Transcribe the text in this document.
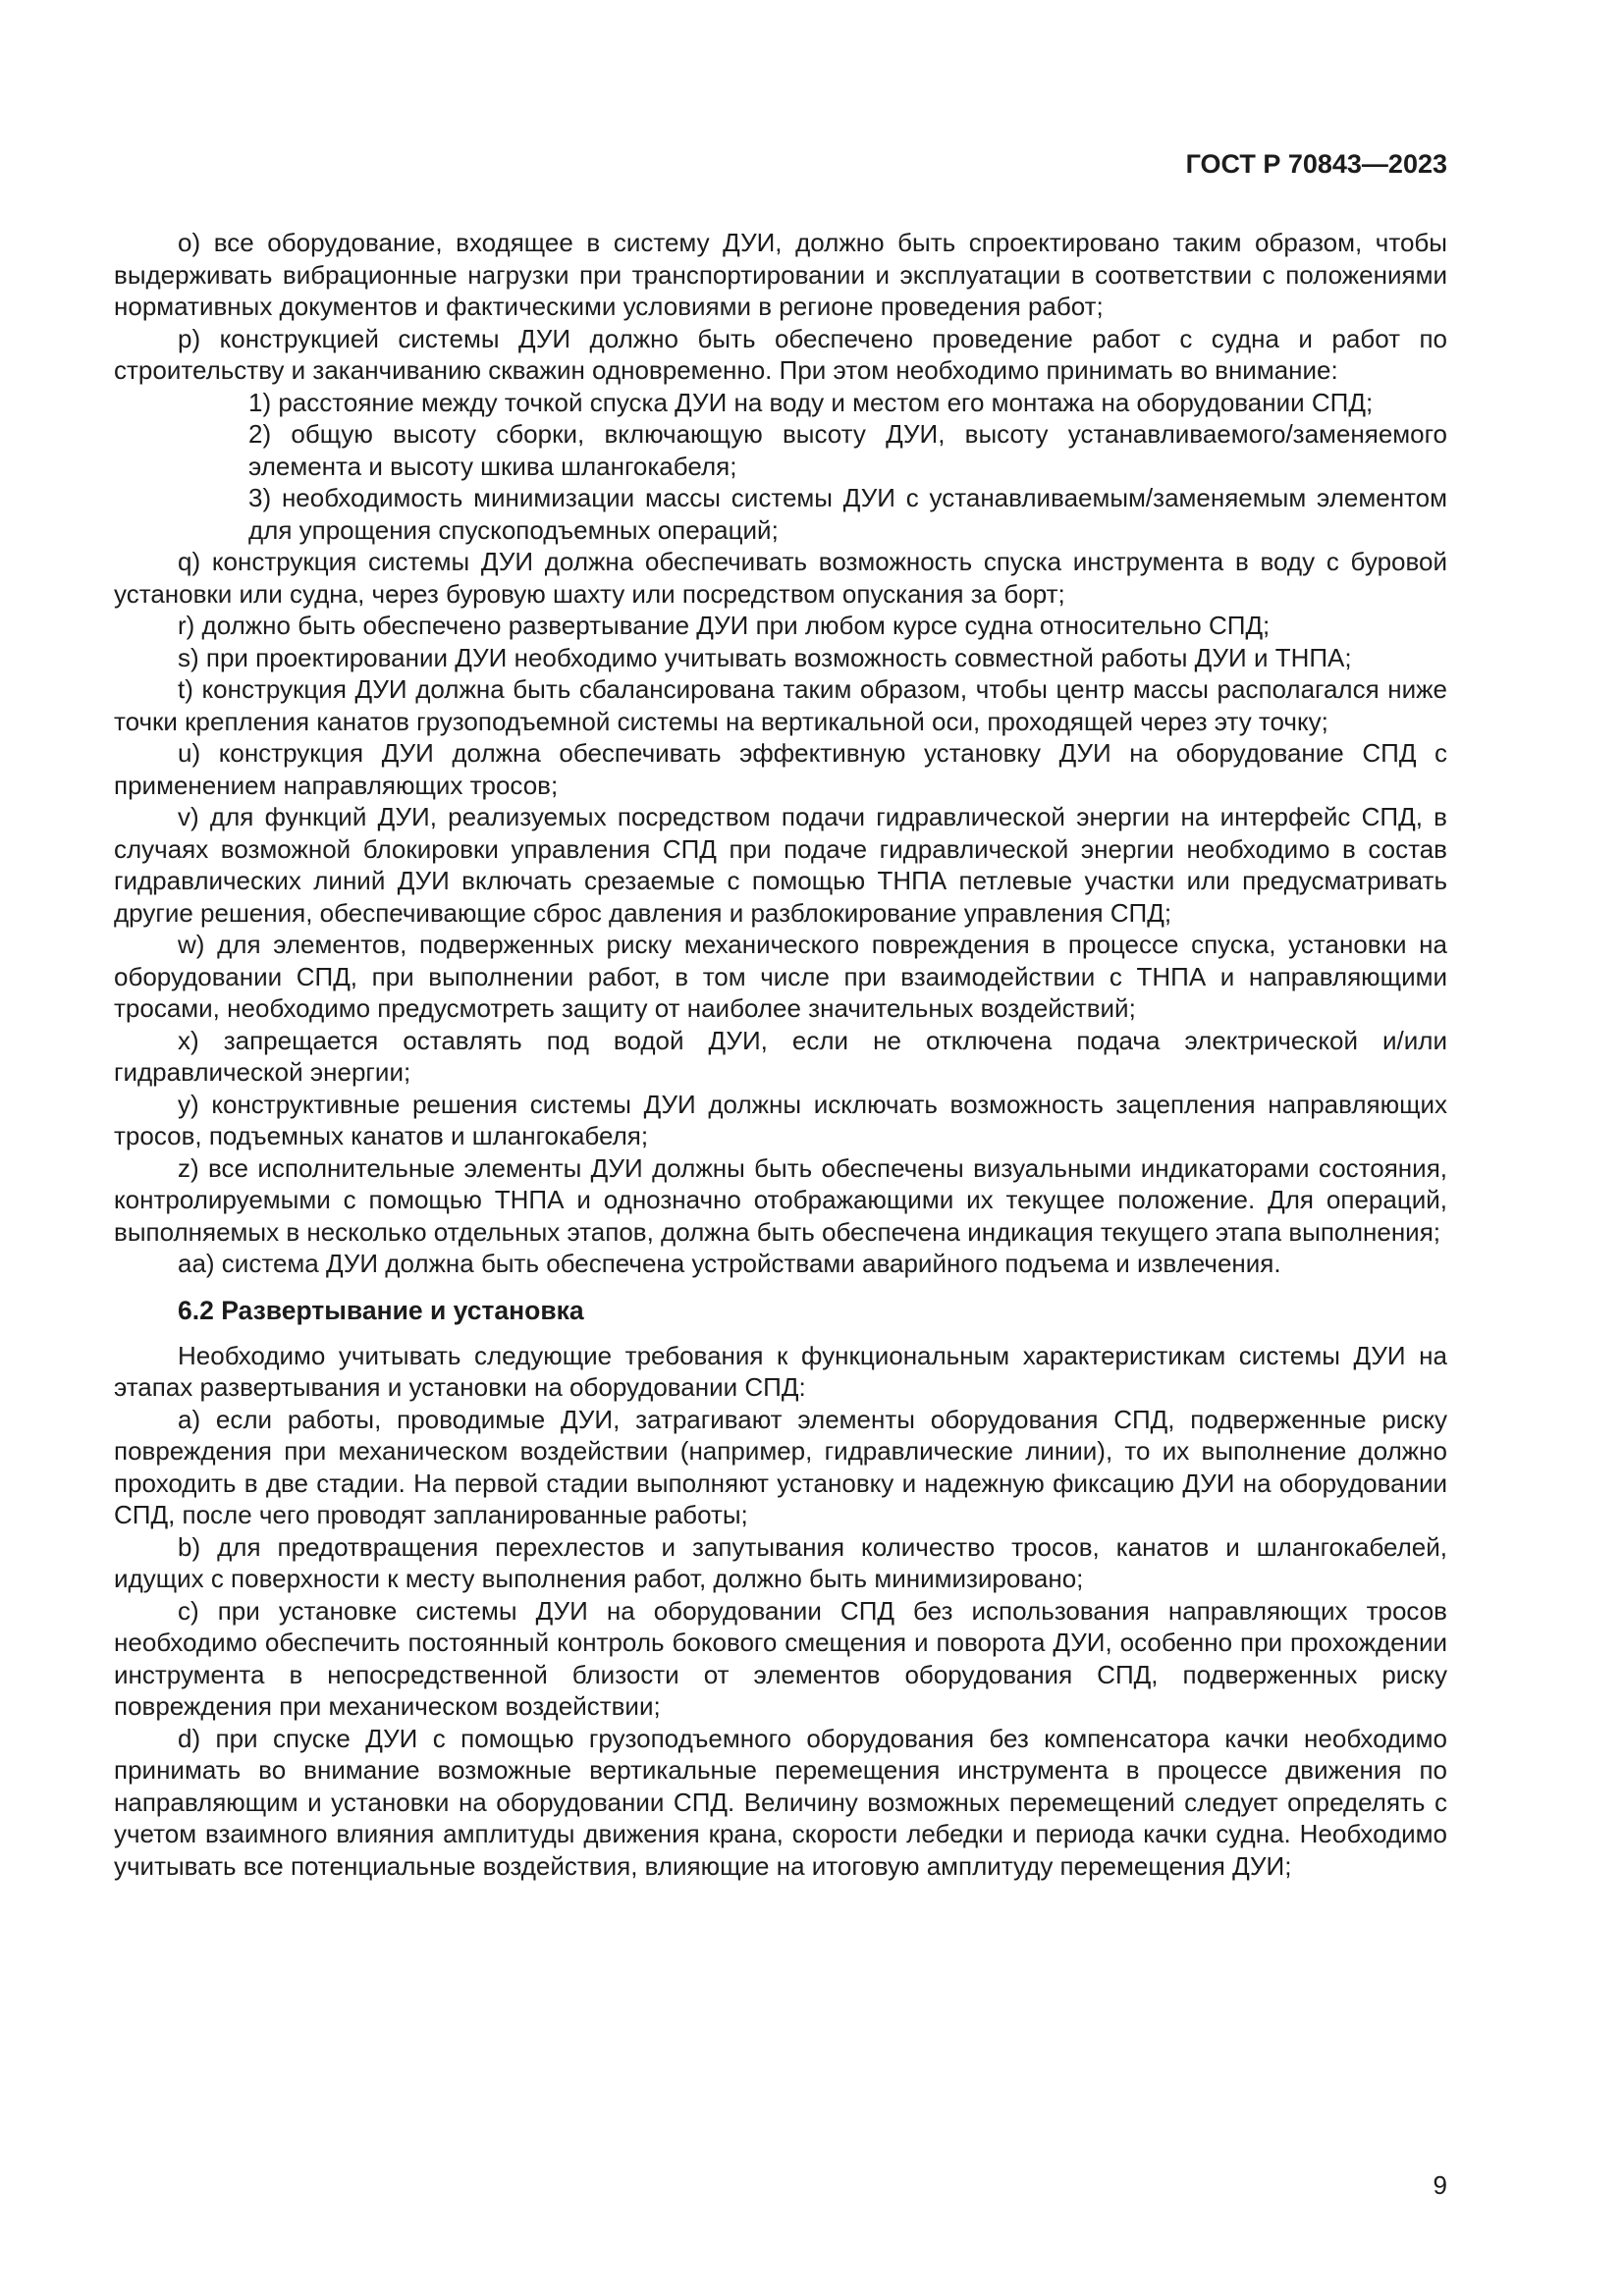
ГОСТ Р 70843—2023

о) все оборудование, входящее в систему ДУИ, должно быть спроектировано таким образом, чтобы выдерживать вибрационные нагрузки при транспортировании и эксплуатации в соответствии с положениями нормативных документов и фактическими условиями в регионе проведения работ;

р) конструкцией системы ДУИ должно быть обеспечено проведение работ с судна и работ по строительству и заканчиванию скважин одновременно. При этом необходимо принимать во внимание:

1) расстояние между точкой спуска ДУИ на воду и местом его монтажа на оборудовании СПД;

2) общую высоту сборки, включающую высоту ДУИ, высоту устанавливаемого/заменяемого элемента и высоту шкива шлангокабеля;

3) необходимость минимизации массы системы ДУИ с устанавливаемым/заменяемым элементом для упрощения спускоподъемных операций;

q) конструкция системы ДУИ должна обеспечивать возможность спуска инструмента в воду с буровой установки или судна, через буровую шахту или посредством опускания за борт;

r) должно быть обеспечено развертывание ДУИ при любом курсе судна относительно СПД;

s) при проектировании ДУИ необходимо учитывать возможность совместной работы ДУИ и ТНПА;

t) конструкция ДУИ должна быть сбалансирована таким образом, чтобы центр массы располагался ниже точки крепления канатов грузоподъемной системы на вертикальной оси, проходящей через эту точку;

u) конструкция ДУИ должна обеспечивать эффективную установку ДУИ на оборудование СПД с применением направляющих тросов;

v) для функций ДУИ, реализуемых посредством подачи гидравлической энергии на интерфейс СПД, в случаях возможной блокировки управления СПД при подаче гидравлической энергии необходимо в состав гидравлических линий ДУИ включать срезаемые с помощью ТНПА петлевые участки или предусматривать другие решения, обеспечивающие сброс давления и разблокирование управления СПД;

w) для элементов, подверженных риску механического повреждения в процессе спуска, установки на оборудовании СПД, при выполнении работ, в том числе при взаимодействии с ТНПА и направляющими тросами, необходимо предусмотреть защиту от наиболее значительных воздействий;

x) запрещается оставлять под водой ДУИ, если не отключена подача электрической и/или гидравлической энергии;

y) конструктивные решения системы ДУИ должны исключать возможность зацепления направляющих тросов, подъемных канатов и шлангокабеля;

z) все исполнительные элементы ДУИ должны быть обеспечены визуальными индикаторами состояния, контролируемыми с помощью ТНПА и однозначно отображающими их текущее положение. Для операций, выполняемых в несколько отдельных этапов, должна быть обеспечена индикация текущего этапа выполнения;

аа) система ДУИ должна быть обеспечена устройствами аварийного подъема и извлечения.

6.2 Развертывание и установка

Необходимо учитывать следующие требования к функциональным характеристикам системы ДУИ на этапах развертывания и установки на оборудовании СПД:

а) если работы, проводимые ДУИ, затрагивают элементы оборудования СПД, подверженные риску повреждения при механическом воздействии (например, гидравлические линии), то их выполнение должно проходить в две стадии. На первой стадии выполняют установку и надежную фиксацию ДУИ на оборудовании СПД, после чего проводят запланированные работы;

b) для предотвращения перехлестов и запутывания количество тросов, канатов и шлангокабелей, идущих с поверхности к месту выполнения работ, должно быть минимизировано;

c) при установке системы ДУИ на оборудовании СПД без использования направляющих тросов необходимо обеспечить постоянный контроль бокового смещения и поворота ДУИ, особенно при прохождении инструмента в непосредственной близости от элементов оборудования СПД, подверженных риску повреждения при механическом воздействии;

d) при спуске ДУИ с помощью грузоподъемного оборудования без компенсатора качки необходимо принимать во внимание возможные вертикальные перемещения инструмента в процессе движения по направляющим и установки на оборудовании СПД. Величину возможных перемещений следует определять с учетом взаимного влияния амплитуды движения крана, скорости лебедки и периода качки судна. Необходимо учитывать все потенциальные воздействия, влияющие на итоговую амплитуду перемещения ДУИ;

9
